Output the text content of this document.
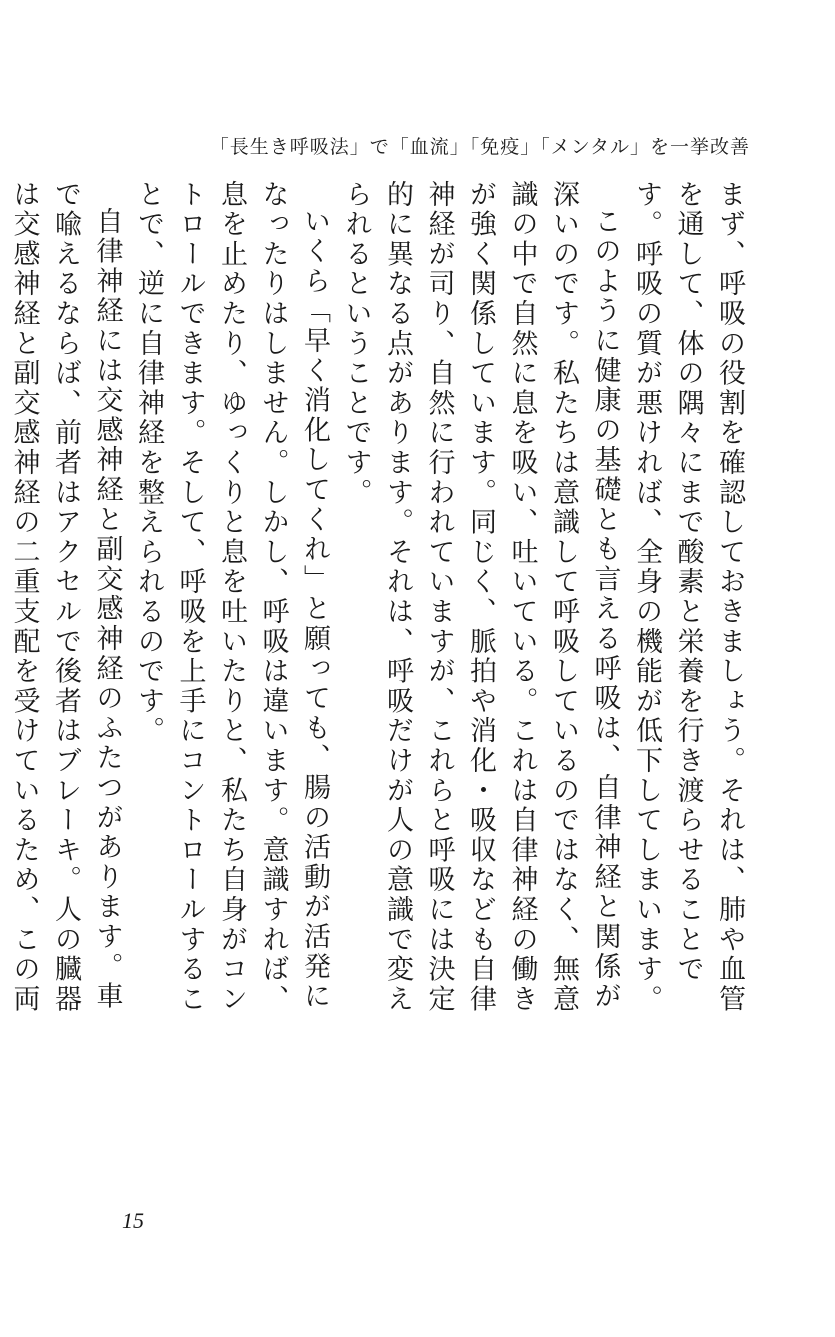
「長生き呼吸法」で「血流」「免疫」「メンタル」を一挙改善

まず、呼吸の役割を確認しておきましょう。それは、肺や血管を通して、体の隅々にまで酸素と栄養を行き渡らせることです。呼吸の質が悪ければ、全身の機能が低下してしまいます。

このように健康の基礎とも言える呼吸は、自律神経と関係が深いのです。私たちは意識して呼吸しているのではなく、無意識の中で自然に息を吸い、吐いている。これは自律神経の働きが強く関係しています。同じく、脈拍や消化・吸収なども自律神経が司り、自然に行われていますが、これらと呼吸には決定的に異なる点があります。それは、呼吸だけが人の意識で変えられるということです。

いくら「早く消化してくれ」と願っても、腸の活動が活発になったりはしません。しかし、呼吸は違います。意識すれば、息を止めたり、ゆっくりと息を吐いたりと、私たち自身がコントロールできます。そして、呼吸を上手にコントロールすることで、逆に自律神経を整えられるのです。

自律神経には交感神経と副交感神経のふたつがあります。車で喩えるならば、前者はアクセルで後者はブレーキ。人の臓器は交感神経と副交感神経の二重支配を受けているため、この両

15
